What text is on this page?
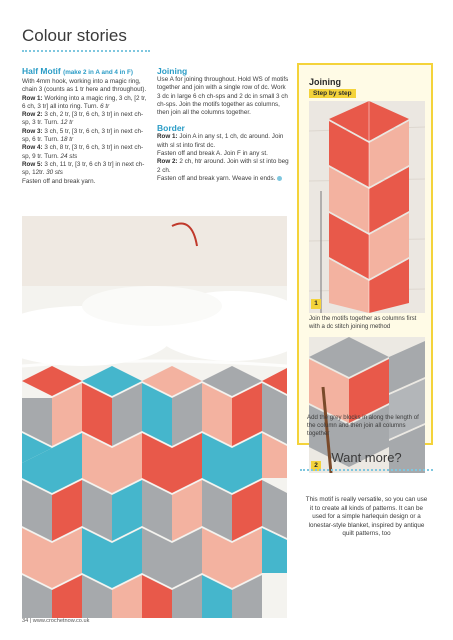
Colour stories
Half Motif (make 2 in A and 4 in F)
With 4mm hook, working into a magic ring, chain 3 (counts as 1 tr here and throughout).
Row 1: Working into a magic ring, 3 ch, [2 tr, 6 ch, 3 tr] all into ring. Turn. 6 tr
Row 2: 3 ch, 2 tr, [3 tr, 6 ch, 3 tr] in next ch-sp, 3 tr. Turn. 12 tr
Row 3: 3 ch, 5 tr, [3 tr, 6 ch, 3 tr] in next ch-sp, 6 tr. Turn. 18 tr
Row 4: 3 ch, 8 tr, [3 tr, 6 ch, 3 tr] in next ch-sp, 9 tr. Turn. 24 sts
Row 5: 3 ch, 11 tr, [3 tr, 6 ch 3 tr] in next ch-sp, 12tr. 30 sts
Fasten off and break yarn.
Joining
Use A for joining throughout. Hold WS of motifs together and join with a single row of dc. Work 3 dc in large 6 ch ch-sps and 2 dc in small 3 ch ch-sps. Join the motifs together as columns, then join all the columns together.
Border
Row 1: Join A in any st, 1 ch, dc around. Join with sl st into first dc.
Fasten off and break A. Join F in any st.
Row 2: 2 ch, htr around. Join with sl st into beg 2 ch.
Fasten off and break yarn. Weave in ends.
Joining
Step by step
1
Join the motifs together as columns first with a dc stitch joining method
2
Add the grey blocks in along the length of the column and then join all columns together
Want more?
This motif is really versatile, so you can use it to create all kinds of patterns. It can be used for a simple harlequin design or a lonestar-style blanket, inspired by antique quilt patterns, too
34 | www.crochetnow.co.uk
